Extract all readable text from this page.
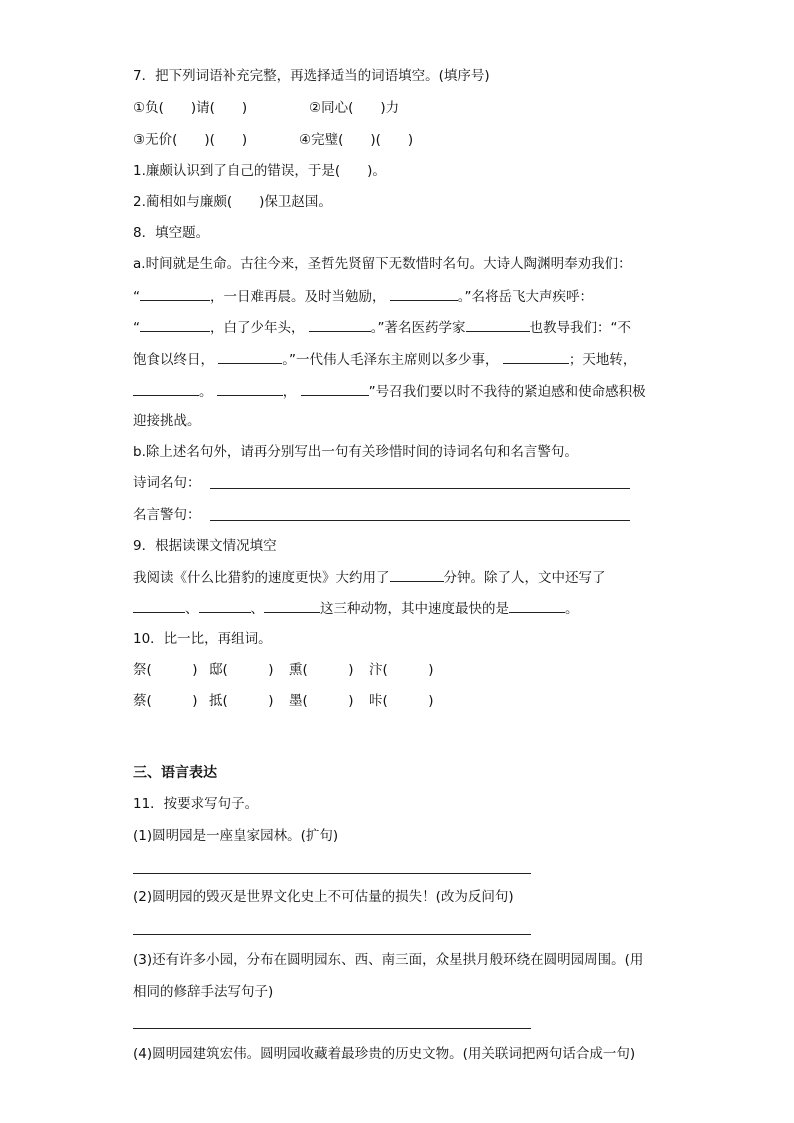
7．把下列词语补充完整，再选择适当的词语填空。(填序号)
①负(　　)请(　　)	②同心(　　)力
③无价(　　)(　　)	④完璧(　　)(　　)
1.廉颇认识到了自己的错误，于是(　　)。
2.蔺相如与廉颇(　　)保卫赵国。
8．填空题。
a.时间就是生命。古往今来，圣哲先贤留下无数惜时名句。大诗人陶渊明奉劝我们：
“	，一日难再晨。及时当勉励，	。”名将岳飞大声疾呼：
“	，白了少年头，	。”著名医药学家	也教导我们：“不
饱食以终日，	。”一代伟人毛泽东主席则以多少事，	；天地转，
。	，	”号召我们要以时不我待的紧迫感和使命感积极
迎接挑战。
b.除上述名句外，请再分别写出一句有关珍惜时间的诗词名句和名言警句。
诗词名句：
名言警句：
9．根据读课文情况填空
我阅读《什么比猎豹的速度更快》大约用了	分钟。除了人，文中还写了
、	、	这三种动物，其中速度最快的是	。
10．比一比，再组词。
祭(　　　) 邸(　　　)	熏(　　　)	汴(　　　)
蔡(　　　) 抵(　　　)	墨(　　　)	咔(　　　)
三、语言表达
11．按要求写句子。
(1)圆明园是一座皇家园林。(扩句)
(2)圆明园的毁灭是世界文化史上不可估量的损失！(改为反问句)
(3)还有许多小园，分布在圆明园东、西、南三面，众星拱月般环绕在圆明园周围。(用
相同的修辞手法写句子)
(4)圆明园建筑宏伟。圆明园收藏着最珍贵的历史文物。(用关联词把两句话合成一句)
